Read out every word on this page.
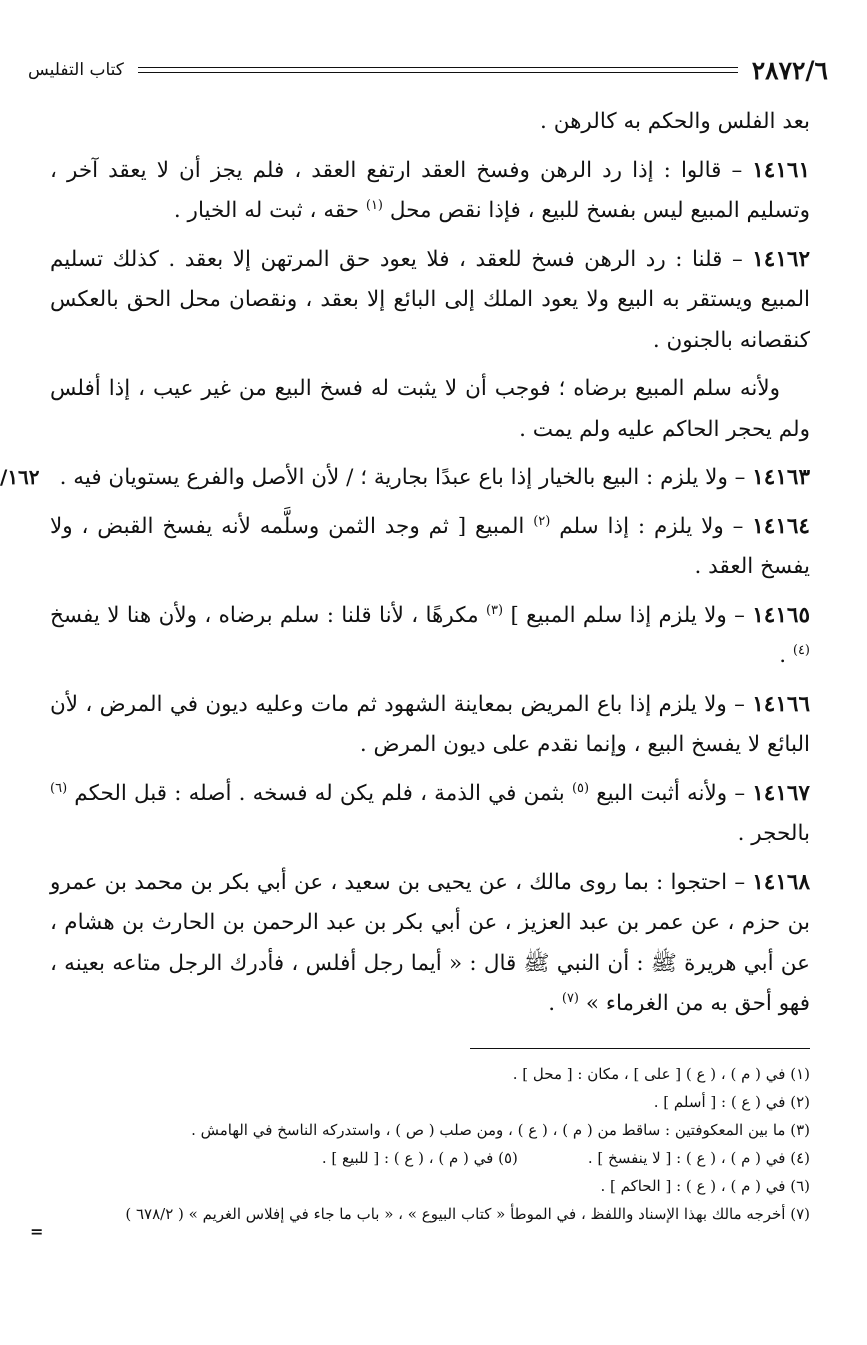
٢٨٧٢/٦
كتاب التفليس
١٦٢/

بعد الفلس والحكم به كالرهن .

١٤١٦١ – قالوا : إذا رد الرهن وفسخ العقد ارتفع العقد ، فلم يجز أن لا يعقد آخر ، وتسليم المبيع ليس بفسخ للبيع ، فإذا نقص محل $^{(١)}$ حقه ، ثبت له الخيار .

١٤١٦٢ – قلنا : رد الرهن فسخ للعقد ، فلا يعود حق المرتهن إلا بعقد . كذلك تسليم المبيع ويستقر به البيع ولا يعود الملك إلى البائع إلا بعقد ، ونقصان محل الحق بالعكس كنقصانه بالجنون .

ولأنه سلم المبيع برضاه ؛ فوجب أن لا يثبت له فسخ البيع من غير عيب ، إذا أفلس ولم يحجر الحاكم عليه ولم يمت .

١٤١٦٣ – ولا يلزم : البيع بالخيار إذا باع عبدًا بجارية ؛ / لأن الأصل والفرع يستويان فيه .

١٤١٦٤ – ولا يلزم : إذا سلم $^{(٢)}$ المبيع [ ثم وجد الثمن وسلَّمه لأنه يفسخ القبض ، ولا يفسخ العقد .

١٤١٦٥ – ولا يلزم إذا سلم المبيع ] $^{(٣)}$ مكرهًا ، لأنا قلنا : سلم برضاه ، ولأن هنا لا يفسخ $^{(٤)}$ .

١٤١٦٦ – ولا يلزم إذا باع المريض بمعاينة الشهود ثم مات وعليه ديون في المرض ، لأن البائع لا يفسخ البيع ، وإنما نقدم على ديون المرض .

١٤١٦٧ – ولأنه أثبت البيع $^{(٥)}$ بثمن في الذمة ، فلم يكن له فسخه . أصله : قبل الحكم $^{(٦)}$ بالحجر .

١٤١٦٨ – احتجوا : بما روى مالك ، عن يحيى بن سعيد ، عن أبي بكر بن محمد بن عمرو بن حزم ، عن عمر بن عبد العزيز ، عن أبي بكر بن عبد الرحمن بن الحارث بن هشام ، عن أبي هريرة ﷺ : أن النبي ﷺ قال : « أيما رجل أفلس ، فأدرك الرجل متاعه بعينه ، فهو أحق به من الغرماء » $^{(٧)}$ .

(١) في ( م ) ، ( ع ) [ على ] ، مكان : [ محل ] .
(٢) في ( ع ) : [ أسلم ] .
(٣) ما بين المعكوفتين : ساقط من ( م ) ، ( ع ) ، ومن صلب ( ص ) ، واستدركه الناسخ في الهامش .
(٤) في ( م ) ، ( ع ) : [ لا ينفسخ ] .
(٥) في ( م ) ، ( ع ) : [ للبيع ] .
(٦) في ( م ) ، ( ع ) : [ الحاكم ] .
(٧) أخرجه مالك بهذا الإسناد واللفظ ، في الموطأ « كتاب البيوع » ، « باب ما جاء في إفلاس الغريم » ( ٦٧٨/٢ )
=
